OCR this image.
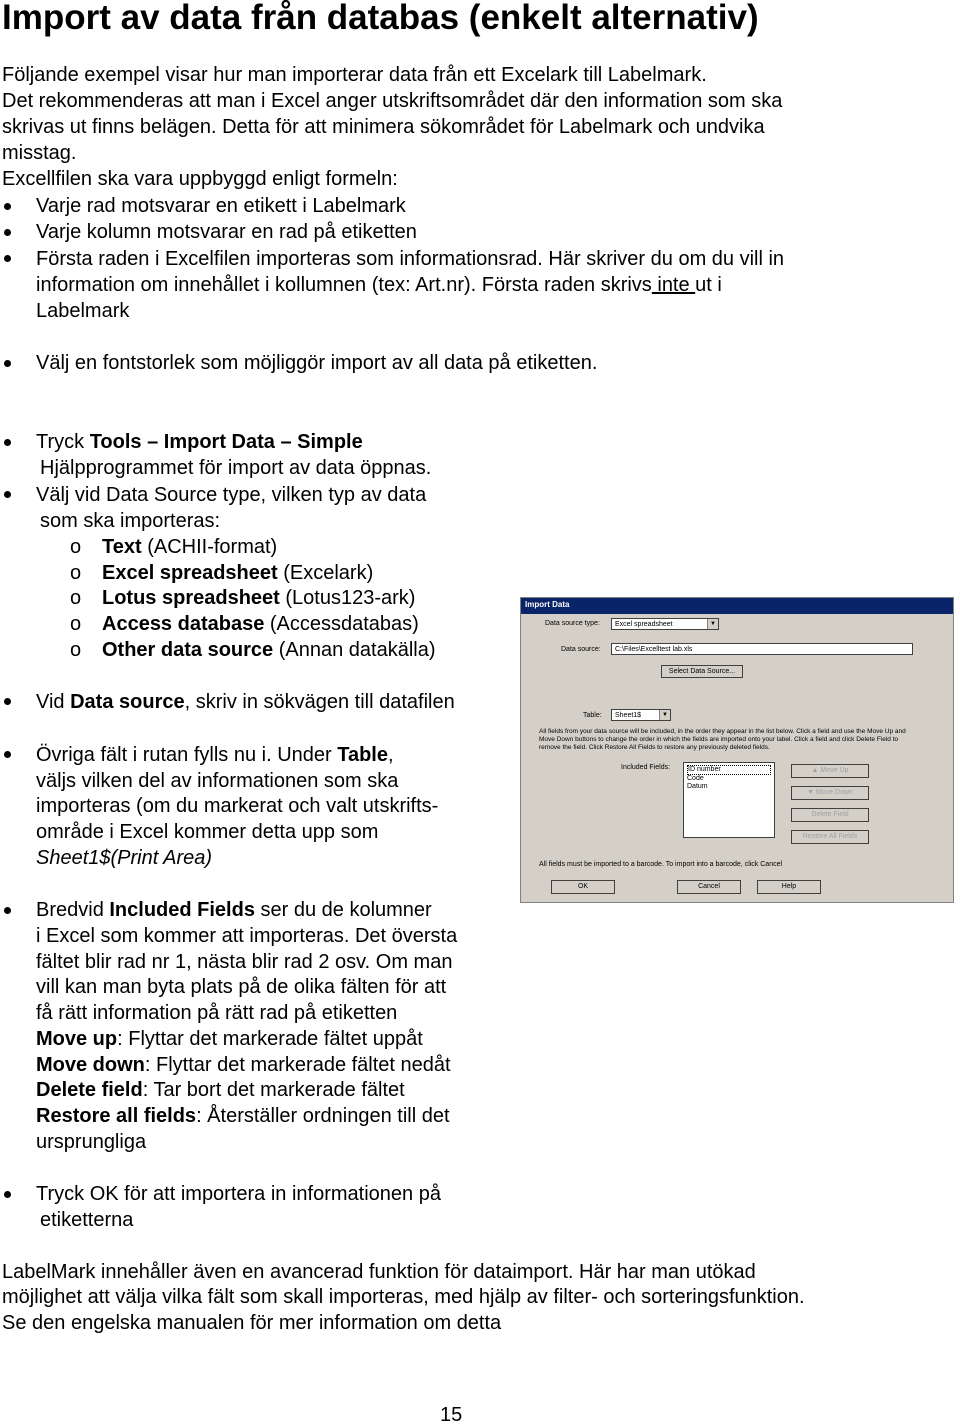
Import av data från databas (enkelt alternativ)
Följande exempel visar hur man importerar data från ett Excelark till Labelmark.
Det rekommenderas att man i Excel anger utskriftsområdet där den information som ska
skrivas ut finns belägen. Detta för att minimera sökområdet för Labelmark och undvika
misstag.
Excellfilen ska vara uppbyggd enligt formeln:
Varje rad motsvarar en etikett i Labelmark
Varje kolumn motsvarar en rad på etiketten
Första raden i Excelfilen importeras som informationsrad. Här skriver du om du vill in
information om innehållet i kollumnen (tex: Art.nr). Första raden skrivs inte ut i
Labelmark
Välj en fontstorlek som möjliggör import av all data på etiketten.
Tryck Tools – Import Data – Simple
Hjälpprogrammet för import av data öppnas.
Välj vid Data Source type, vilken typ av data
som ska importeras:
o Text (ACHII-format)
o Excel spreadsheet (Excelark)
o Lotus spreadsheet (Lotus123-ark)
o Access database (Accessdatabas)
o Other data source (Annan datakälla)
Vid Data source, skriv in sökvägen till datafilen
Övriga fält i rutan fylls nu i. Under Table,
väljs vilken del av informationen som ska
importeras (om du markerat och valt utskrifts-
område i Excel kommer detta upp som
Sheet1$(Print Area)
Bredvid Included Fields ser du de kolumner
i Excel som kommer att importeras. Det översta
fältet blir rad nr 1, nästa blir rad 2 osv. Om man
vill kan man byta plats på de olika fälten för att
få rätt information på rätt rad på etiketten
Move up: Flyttar det markerade fältet uppåt
Move down: Flyttar det markerade fältet nedåt
Delete field: Tar bort det markerade fältet
Restore all fields: Återställer ordningen till det
ursprungliga
Tryck OK för att importera in informationen på
etiketterna
LabelMark innehåller även en avancerad funktion för dataimport. Här har man utökad
möjlighet att välja vilka fält som skall importeras, med hjälp av filter- och sorteringsfunktion.
Se den engelska manualen för mer information om detta
15
Import Data
Data source type:	Excel spreadsheet	▼
Data source:	C:\Files\Excelltest lab.xls
Select Data Source...
Table:	Sheet1$	▼
All fields from your data source will be included, in the order they appear in the list below. Click a field and use the Move Up and Move Down buttons to change the order in which the fields are imported onto your label. Click a field and click Delete Field to remove the field. Click Restore All Fields to restore any previously deleted fields.
Included Fields:	ID number
Code
Datum
▲ Move Up
▼ Move Down
Delete Field
Restore All Fields
All fields must be imported to a barcode. To import into a barcode, click Cancel
OK	Cancel	Help
